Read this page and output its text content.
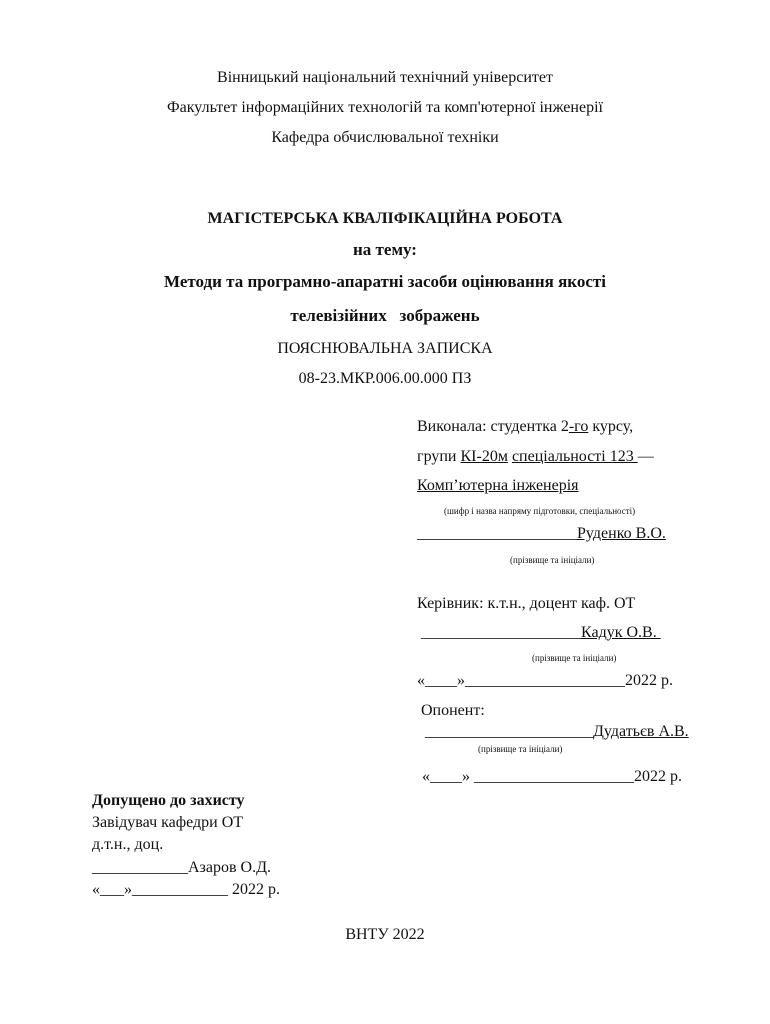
Вінницький національний технічний університет
Факультет інформаційних технологій та комп'ютерної інженерії
Кафедра обчислювальної техніки
МАГІСТЕРСЬКА КВАЛІФІКАЦІЙНА РОБОТА
на тему:
Методи та програмно-апаратні засоби оцінювання якості
телевізійних   зображень
ПОЯСНЮВАЛЬНА ЗАПИСКА
08-23.МКР.006.00.000 ПЗ
Виконала: студентка 2-го курсу,
групи КІ-20м спеціальності 123 —
Комп’ютерна інженерія
(шифр і назва напряму підготовки, спеціальності)
____________________Руденко В.О.
(прізвище та ініціали)
Керівник: к.т.н., доцент каф. ОТ
____________________Кадук О.В.
(прізвище та ініціали)
«____»____________________2022 р.
Опонент:
_____________________Дудатьєв А.В.
(прізвище та ініціали)
«____» ____________________2022 р.
Допущено до захисту
Завідувач кафедри ОТ
д.т.н., доц.
____________Азаров О.Д.
«___»____________ 2022 р.
ВНТУ 2022
